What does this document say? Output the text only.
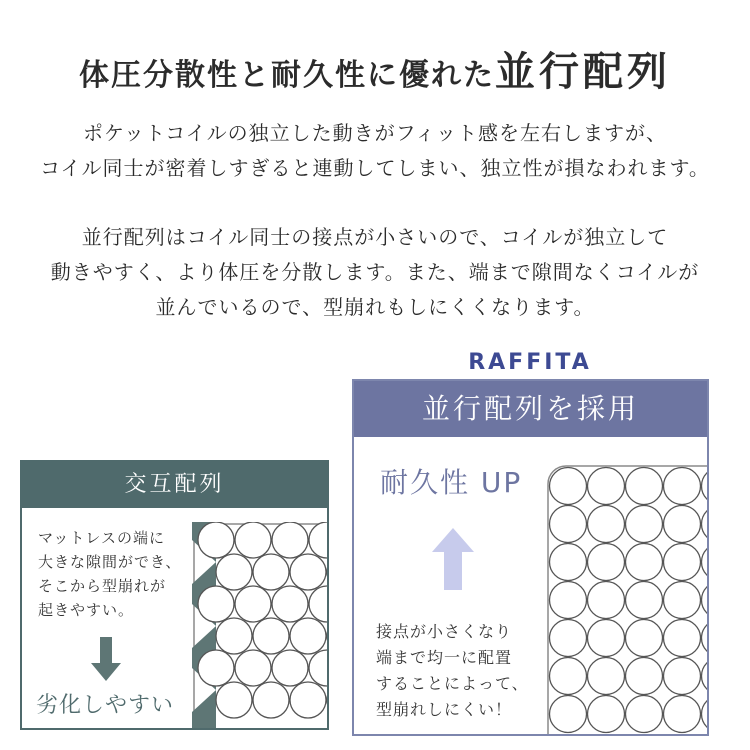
体圧分散性と耐久性に優れた並行配列
ポケットコイルの独立した動きがフィット感を左右しますが、
コイル同士が密着しすぎると連動してしまい、独立性が損なわれます。
並行配列はコイル同士の接点が小さいので、コイルが独立して
動きやすく、より体圧を分散します。また、端まで隙間なくコイルが
並んでいるので、型崩れもしにくくなります。
RAFFITA
並行配列を採用
耐久性 UP
接点が小さくなり
端まで均一に配置
することによって、
型崩れしにくい！
交互配列
マットレスの端に
大きな隙間ができ、
そこから型崩れが
起きやすい。
劣化しやすい
